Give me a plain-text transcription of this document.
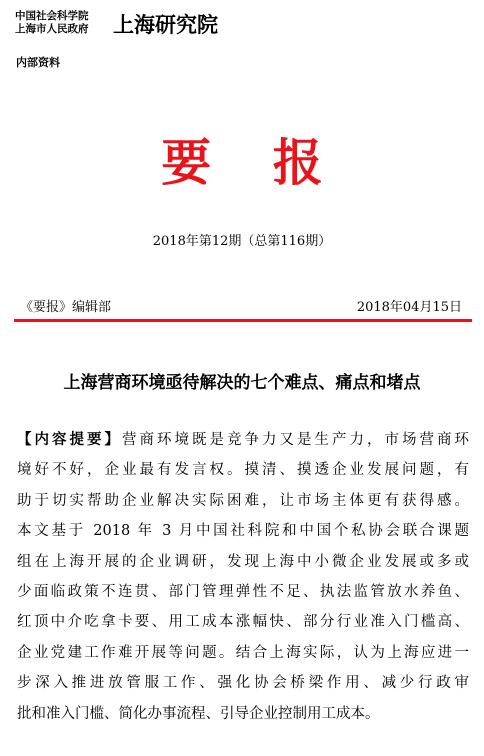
中国社会科学院
上海市人民政府	上海研究院
内部资料
要 报
2018年第12期（总第116期）
《要报》编辑部	2018年04月15日
上海营商环境亟待解决的七个难点、痛点和堵点
【内容提要】营商环境既是竞争力又是生产力，市场营商环
境好不好，企业最有发言权。摸清、摸透企业发展问题，有
助于切实帮助企业解决实际困难，让市场主体更有获得感。
本文基于 2018 年 3 月中国社科院和中国个私协会联合课题
组在上海开展的企业调研，发现上海中小微企业发展或多或
少面临政策不连贯、部门管理弹性不足、执法监管放水养鱼、
红顶中介吃拿卡要、用工成本涨幅快、部分行业准入门槛高、
企业党建工作难开展等问题。结合上海实际，认为上海应进一
步深入推进放管服工作、强化协会桥梁作用、减少行政审
批和准入门槛、简化办事流程、引导企业控制用工成本。
